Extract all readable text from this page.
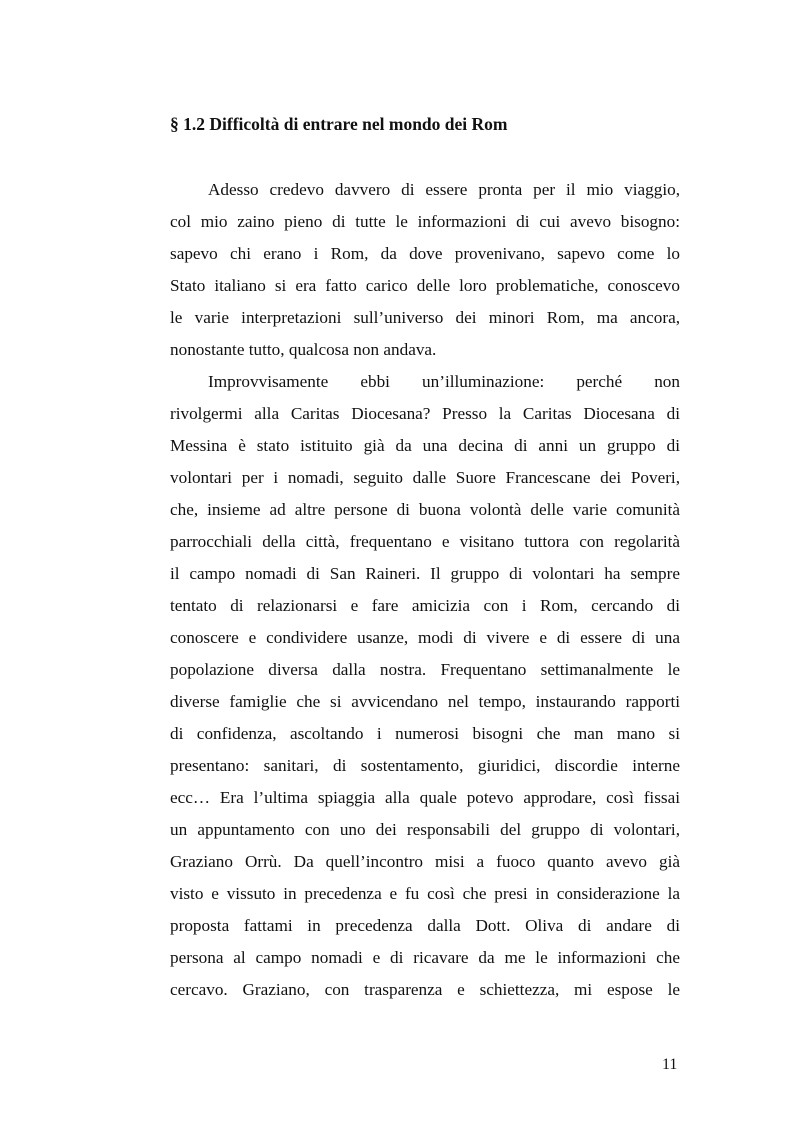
§ 1.2 Difficoltà di entrare nel mondo dei Rom
Adesso credevo davvero di essere pronta per il mio viaggio,
col mio zaino pieno di tutte le informazioni di cui avevo bisogno:
sapevo chi erano i Rom, da dove provenivano, sapevo come lo
Stato italiano si era fatto carico delle loro problematiche, conoscevo
le varie interpretazioni sull’universo dei minori Rom, ma ancora,
nonostante tutto, qualcosa non andava.
Improvvisamente ebbi un’illuminazione: perché non
rivolgermi alla Caritas Diocesana? Presso la Caritas Diocesana di
Messina è stato istituito già da una decina di anni un gruppo di
volontari per i nomadi, seguito dalle Suore Francescane dei Poveri,
che, insieme ad altre persone di buona volontà delle varie comunità
parrocchiali della città, frequentano e visitano tuttora con regolarità
il campo nomadi di San Raineri. Il gruppo di volontari ha sempre
tentato di relazionarsi e fare amicizia con i Rom, cercando di
conoscere e condividere usanze, modi di vivere e di essere di una
popolazione diversa dalla nostra. Frequentano settimanalmente le
diverse famiglie che si avvicendano nel tempo, instaurando rapporti
di confidenza, ascoltando i numerosi bisogni che man mano si
presentano: sanitari, di sostentamento, giuridici, discordie interne
ecc… Era l’ultima spiaggia alla quale potevo approdare, così fissai
un appuntamento con uno dei responsabili del gruppo di volontari,
Graziano Orrù. Da quell’incontro misi a fuoco quanto avevo già
visto e vissuto in precedenza e fu così che presi in considerazione la
proposta fattami in precedenza dalla Dott. Oliva di andare di
persona al campo nomadi e di ricavare da me le informazioni che
cercavo. Graziano, con trasparenza e schiettezza, mi espose le
11
